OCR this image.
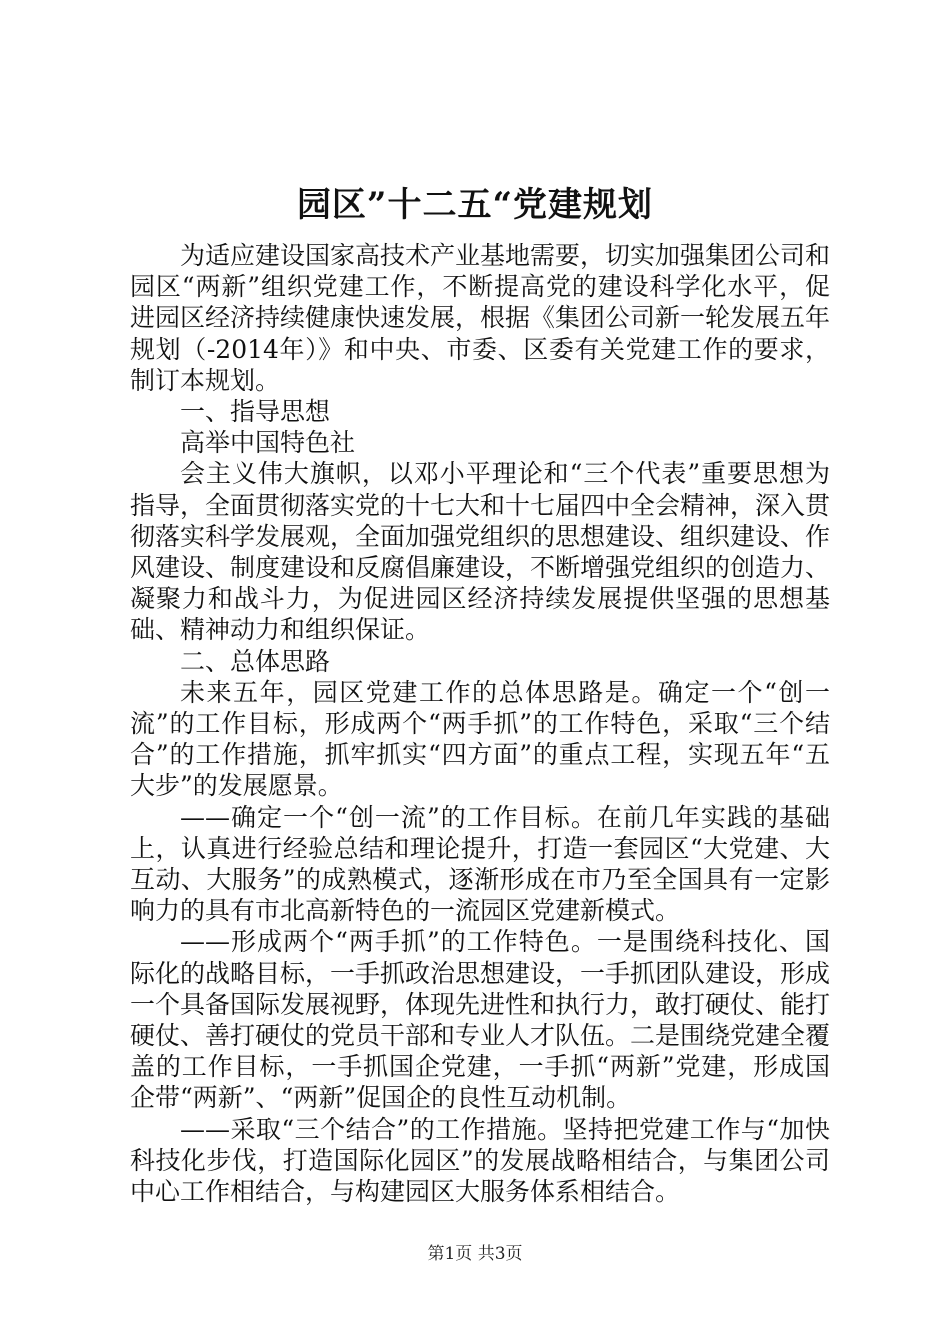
园区”十二五“党建规划

为适应建设国家高技术产业基地需要，切实加强集团公司和园区“两新”组织党建工作，不断提高党的建设科学化水平，促进园区经济持续健康快速发展，根据《集团公司新一轮发展五年规划（-2014年）》和中央、市委、区委有关党建工作的要求，制订本规划。

一、指导思想

高举中国特色社

会主义伟大旗帜，以邓小平理论和“三个代表”重要思想为指导，全面贯彻落实党的十七大和十七届四中全会精神，深入贯彻落实科学发展观，全面加强党组织的思想建设、组织建设、作风建设、制度建设和反腐倡廉建设，不断增强党组织的创造力、凝聚力和战斗力，为促进园区经济持续发展提供坚强的思想基础、精神动力和组织保证。

二、总体思路

未来五年，园区党建工作的总体思路是。确定一个“创一流”的工作目标，形成两个“两手抓”的工作特色，采取“三个结合”的工作措施，抓牢抓实“四方面”的重点工程，实现五年“五大步”的发展愿景。

——确定一个“创一流”的工作目标。在前几年实践的基础上，认真进行经验总结和理论提升，打造一套园区“大党建、大互动、大服务”的成熟模式，逐渐形成在市乃至全国具有一定影响力的具有市北高新特色的一流园区党建新模式。

——形成两个“两手抓”的工作特色。一是围绕科技化、国际化的战略目标，一手抓政治思想建设，一手抓团队建设，形成一个具备国际发展视野，体现先进性和执行力，敢打硬仗、能打硬仗、善打硬仗的党员干部和专业人才队伍。二是围绕党建全覆盖的工作目标，一手抓国企党建，一手抓“两新”党建，形成国企带“两新”、“两新”促国企的良性互动机制。

——采取“三个结合”的工作措施。坚持把党建工作与“加快科技化步伐，打造国际化园区”的发展战略相结合，与集团公司中心工作相结合，与构建园区大服务体系相结合。

第1页 共3页
